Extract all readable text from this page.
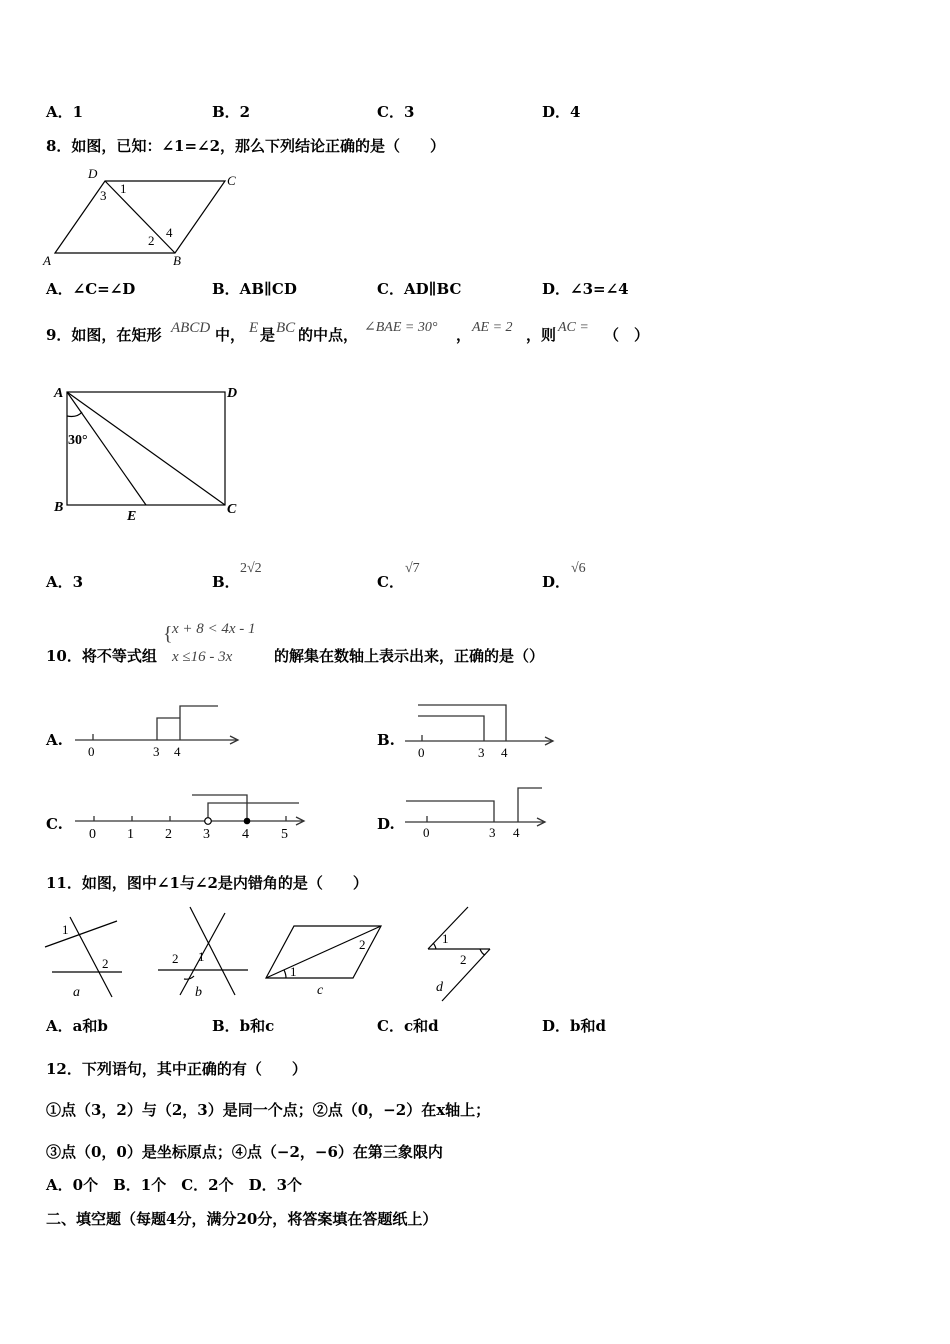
A．1	B．2	C．3	D．4
8．如图，已知：∠1=∠2，那么下列结论正确的是（　　）
A	B
C
D
1
2
3
4
A．∠C=∠D	B．AB∥CD	C．AD∥BC	D．∠3=∠4
9．如图，在矩形 ABCD 中， E 是 BC 的中点， ∠BAE = 30° ， AE = 2 ，则 AC = （　）
A	D
B	C
E
30°
A．3	B．
2√2
C．
√7
D．
√6
{ x + 8 < 4x - 1
x ≤16 - 3x
10．将不等式组	的解集在数轴上表示出来，正确的是（）
A.
0	3 4
B.
0	3 4
C.
0 1 2 3 4 5
D. 0	3 4
11．如图，图中∠1与∠2是内错角的是（　　）
1
2
a
2 1
b
1
2
c
1
2
d
A．a和b	B．b和c	C．c和d	D．b和d
12．下列语句，其中正确的有（　　）
①点（3，2）与（2，3）是同一个点；②点（0，−2）在x轴上；
③点（0，0）是坐标原点；④点（−2，−6）在第三象限内
A．0个　B．1个　C．2个　D．3个
二、填空题（每题4分，满分20分，将答案填在答题纸上）
